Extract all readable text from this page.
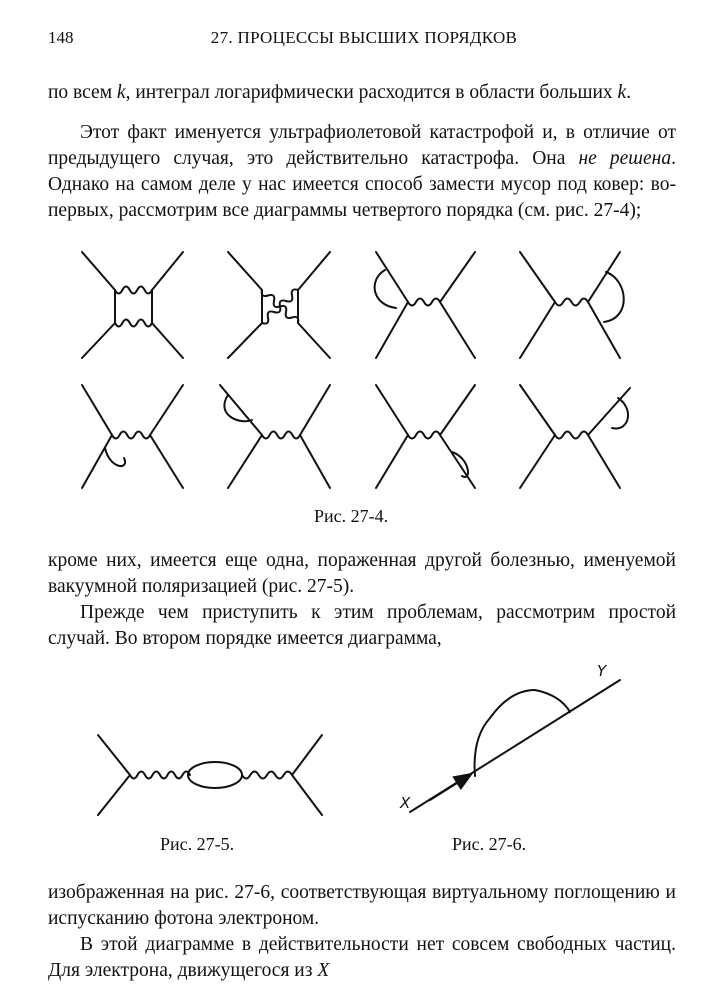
148	27. ПРОЦЕССЫ ВЫСШИХ ПОРЯДКОВ

по всем k, интеграл логарифмически расходится в области больших k.

Этот факт именуется ультрафиолетовой катастрофой и, в отличие от предыдущего случая, это действительно катастрофа. Она не решена. Однако на самом деле у нас имеется способ замести мусор под ковер: во-первых, рассмотрим все диаграммы четвертого порядка (см. рис. 27-4);

X
Y
Рис. 27-4.

кроме них, имеется еще одна, пораженная другой болезнью, именуемой вакуумной поляризацией (рис. 27-5).

Прежде чем приступить к этим проблемам, рассмотрим простой случай. Во втором порядке имеется диаграмма,

Рис. 27-5.	Рис. 27-6.

изображенная на рис. 27-6, соответствующая виртуальному поглощению и испусканию фотона электроном.

В этой диаграмме в действительности нет совсем свободных частиц. Для электрона, движущегося из X
